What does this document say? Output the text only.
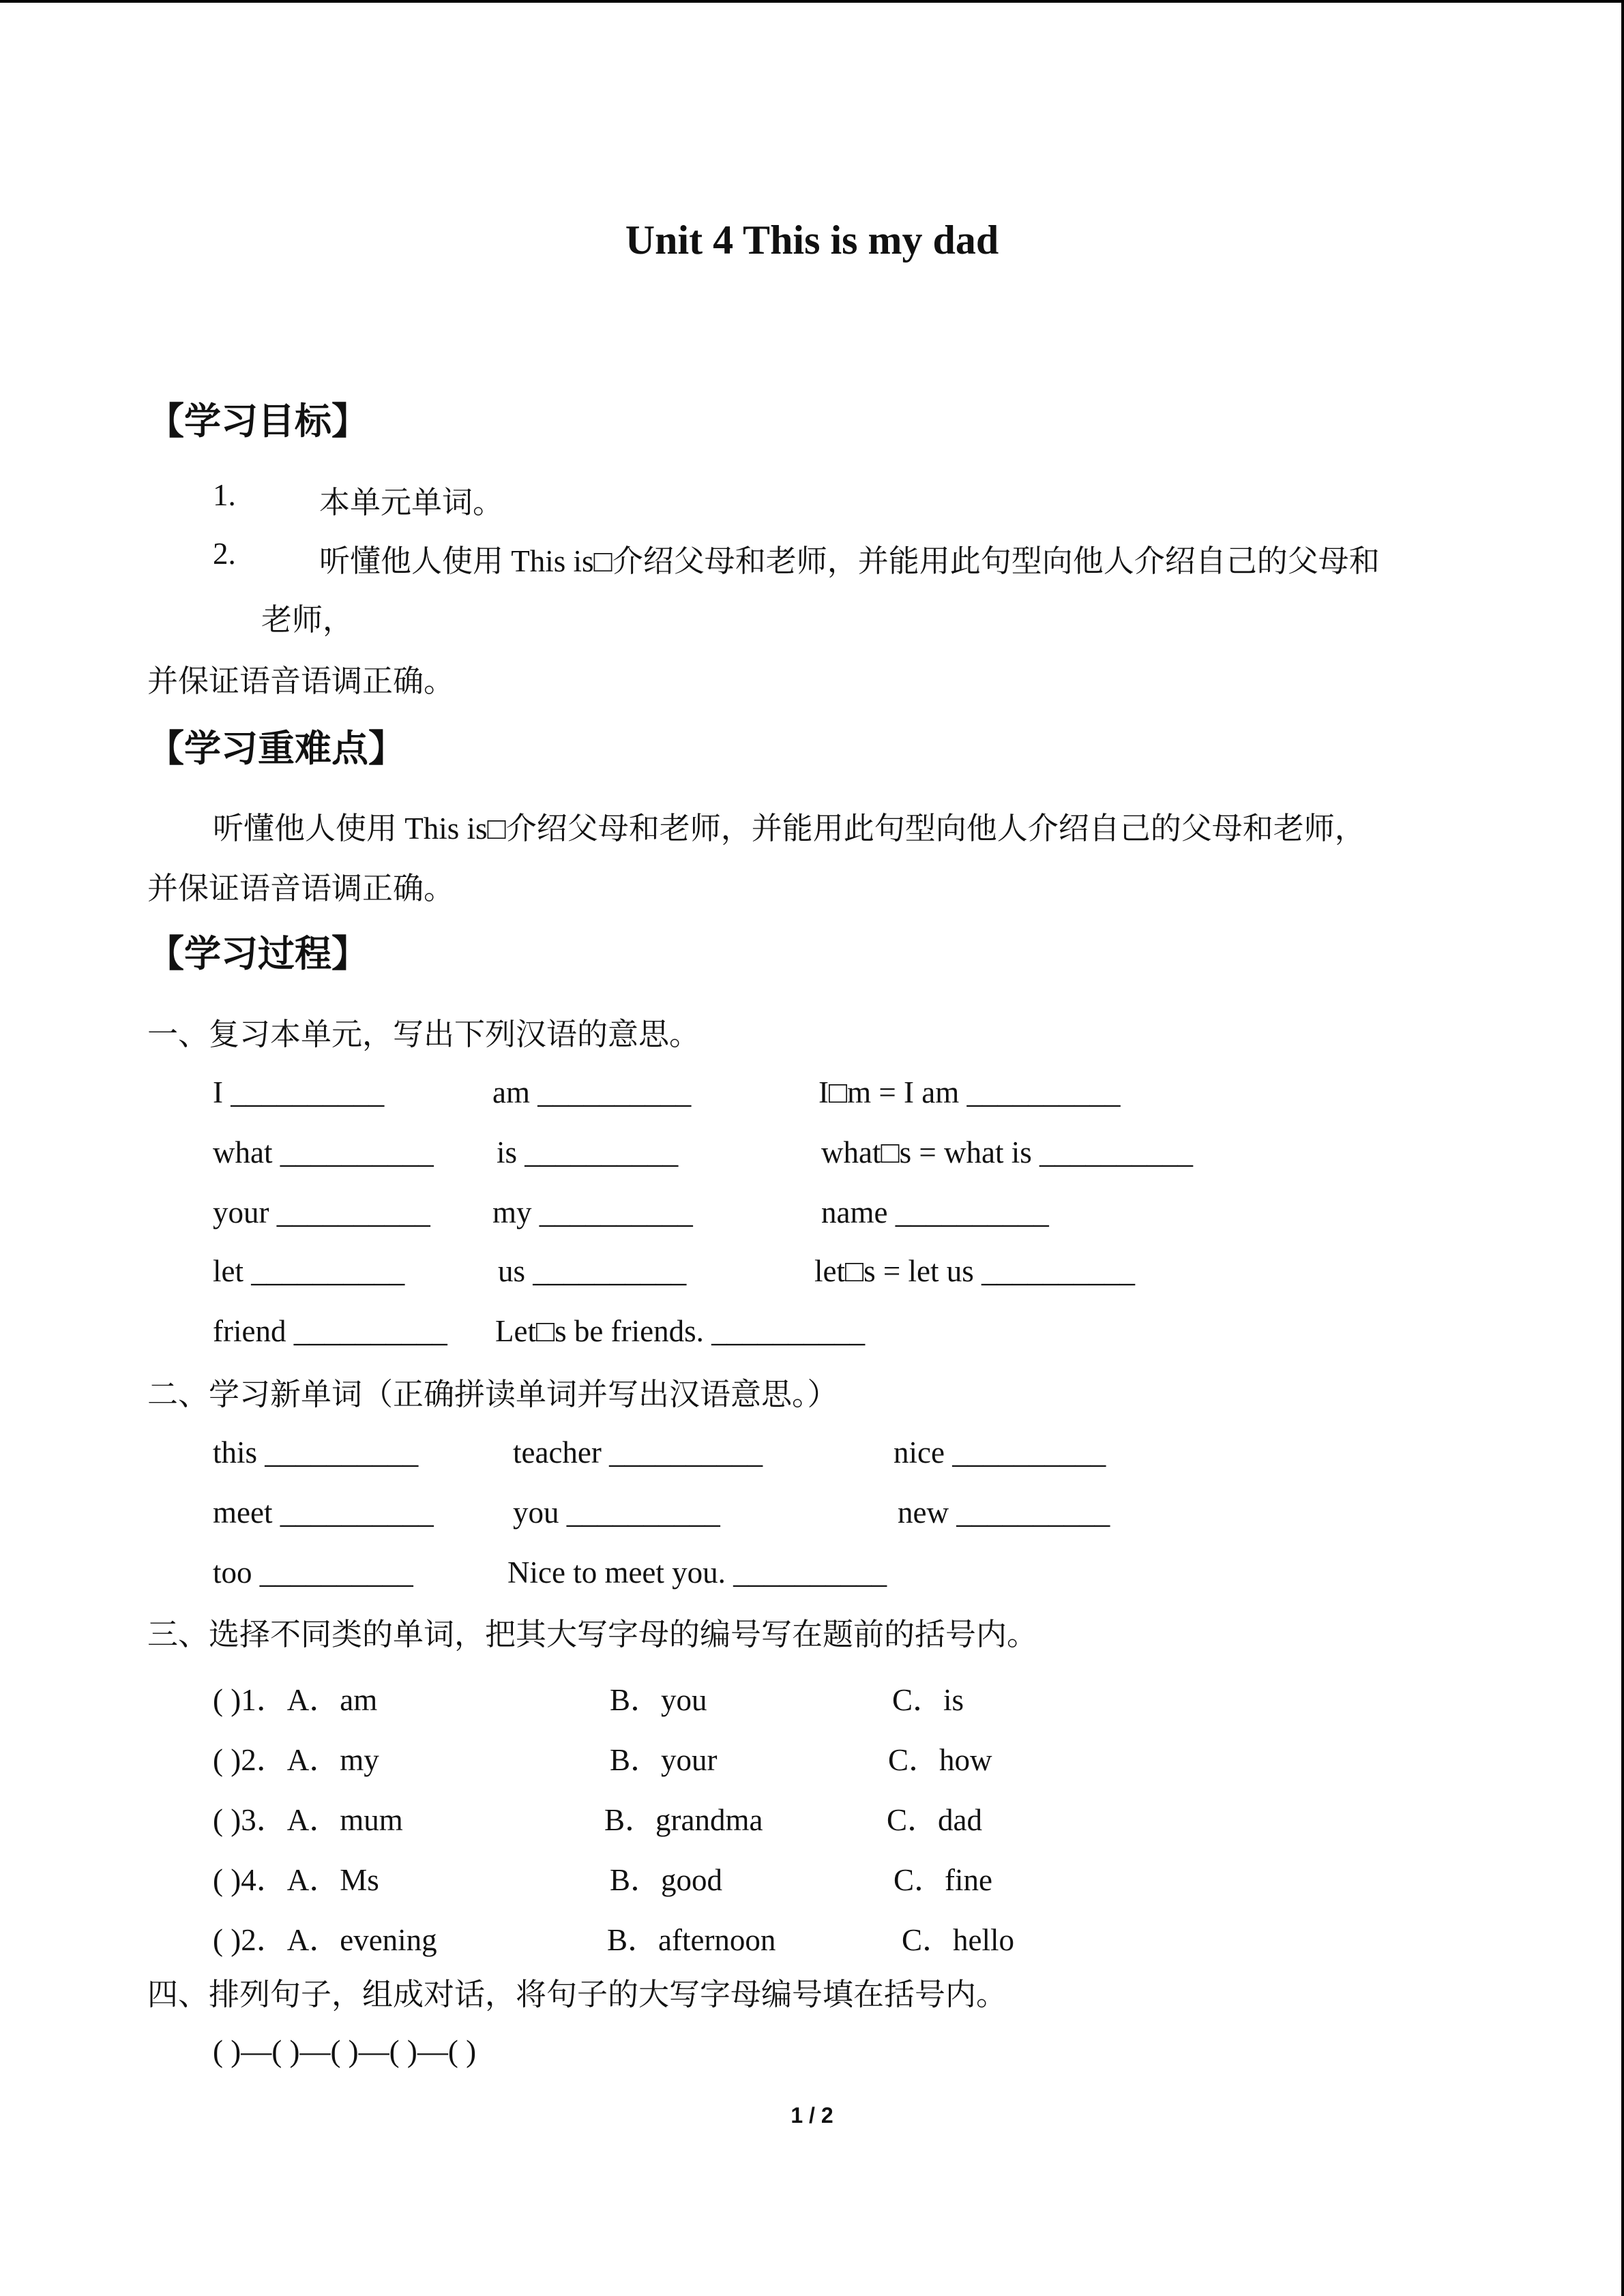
Unit 4 This is my dad
【学习目标】
1.	本单元单词。
2.	听懂他人使用 This is□介绍父母和老师，并能用此句型向他人介绍自己的父母和
老师，
并保证语音语调正确。
【学习重难点】
听懂他人使用 This is□介绍父母和老师，并能用此句型向他人介绍自己的父母和老师，
并保证语音语调正确。
【学习过程】
一、复习本单元，写出下列汉语的意思。
I __________	am __________	I□m = I am __________
what __________ is __________	what□s = what is __________
your __________ my __________	name __________
let __________	us __________	let□s = let us __________
friend __________ Let□s be friends. __________
二、学习新单词（正确拼读单词并写出汉语意思。）
this __________	teacher __________	nice __________
meet __________	you __________	new __________
too __________	Nice to meet you. __________
三、选择不同类的单词，把其大写字母的编号写在题前的括号内。
( )1．A．am	B．you	C．is
( )2．A．my	B．your	C．how
( )3．A．mum	B．grandma	C．dad
( )4．A．Ms	B．good	C．fine
( )2．A．evening	B．afternoon	C．hello
四、排列句子，组成对话，将句子的大写字母编号填在括号内。
( )—( )—( )—( )—( )
1 / 2
